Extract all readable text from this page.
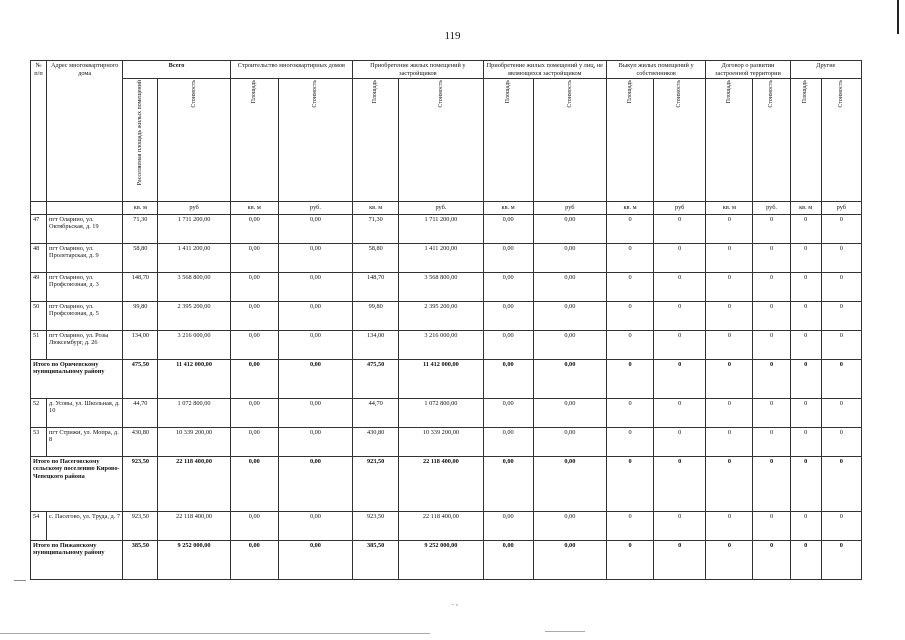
119
№ п/п	Адрес многоквартирного дома	Всего		Строительство многоквартирных домов		Приобретение жилых помещений у застройщиков		Приобретение жилых помещений у лиц, не являющихся застройщиком		Выкуп жилых помещений у собственников		Договор о развитии застроенной территории		Другие	
		Расселяемая площадь жилых помещений	Стоимость	Площадь	Стоимость	Площадь	Стоимость	Площадь	Стоимость	Площадь	Стоимость	Площадь	Стоимость	Площадь	Стоимость
		кв. м	руб	кв. м	руб.	кв. м	руб.	кв. м	руб	кв. м	руб	кв. м	руб.	кв. м	руб
47	пгт Оларино, ул. Октябрьская, д. 19	71,30	1 711 200,00	0,00	0,00	71,30	1 711 200,00	0,00	0,00	0	0	0	0	0	0
48	пгт Оларино, ул. Пролетарская, д. 9	58,80	1 411 200,00	0,00	0,00	58,80	1 411 200,00	0,00	0,00	0	0	0	0	0	0
49	пгт Оларино, ул. Профсоюзная, д. 3	148,70	3 568 800,00	0,00	0,00	148,70	3 568 800,00	0,00	0,00	0	0	0	0	0	0
50	пгт Оларино, ул. Профсоюзная, д. 5	99,80	2 395 200,00	0,00	0,00	99,80	2 395 200,00	0,00	0,00	0	0	0	0	0	0
51	пгт Оларино, ул. Розы Люксембург, д. 26	134,00	3 216 000,00	0,00	0,00	134,00	3 216 000,00	0,00	0,00	0	0	0	0	0	0
Итого по Оричевскому муниципальному району		475,50	11 412 000,00	0,00	0,00	475,50	11 412 000,00	0,00	0,00	0	0	0	0	0	0
52	д. Усовы, ул. Школьная, д. 10	44,70	1 072 800,00	0,00	0,00	44,70	1 072 800,00	0,00	0,00	0	0	0	0	0	0
53	пгт Стрижи, ул. Мопра, д. 8	430,80	10 339 200,00	0,00	0,00	430,80	10 339 200,00	0,00	0,00	0	0	0	0	0	0
Итого по Пасеговскому сельскому поселению Кирово-Чепецкого района		923,50	22 118 400,00	0,00	0,00	923,50	22 118 400,00	0,00	0,00	0	0	0	0	0	0
54	с. Пасегово, ул. Труда, д. 7	923,50	22 118 400,00	0,00	0,00	923,50	22 118 400,00	0,00	0,00	0	0	0	0	0	0
Итого по Пижанскому муниципальному району		385,50	9 252 000,00	0,00	0,00	385,50	9 252 000,00	0,00	0,00	0	0	0	0	0	0
. ,
